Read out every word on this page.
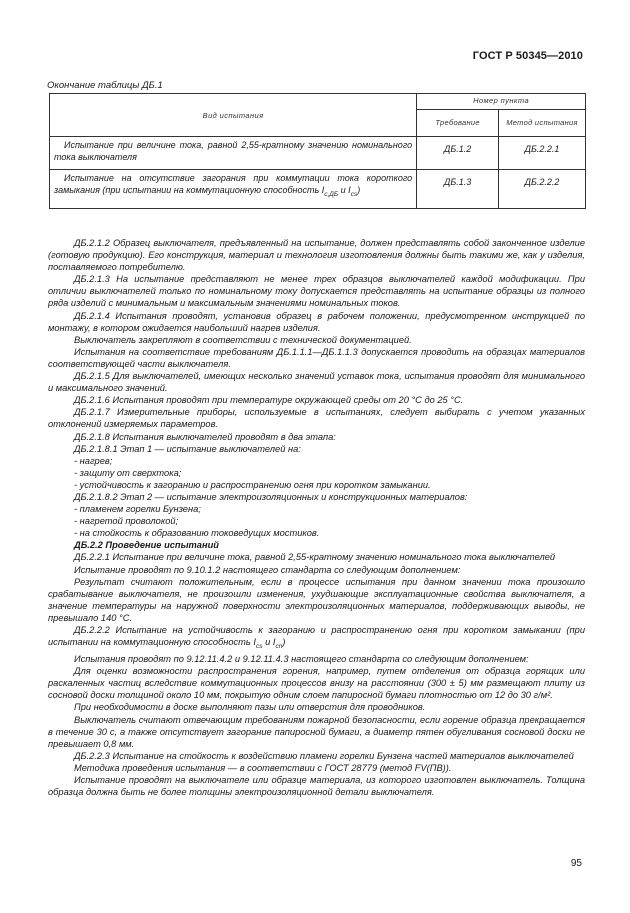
ГОСТ Р 50345—2010
Окончание таблицы ДБ.1
Вид испытания	Номер пункта	
	Требование	Метод испытания
Испытание при величине тока, равной 2,55-кратному значению номинального тока выключателя	ДБ.1.2	ДБ.2.2.1
Испытание на отсутствие загорания при коммутации тока короткого замыкания (при испытании на коммутационную способность $I_{c,ДБ}$ и $I_{cs}$)	ДБ.1.3	ДБ.2.2.2

ДБ.2.1.2 Образец выключателя, предъявленный на испытание, должен представлять собой законченное изделие (готовую продукцию). Его конструкция, материал и технология изготовления должны быть такими же, как у изделия, поставляемого потребителю.

ДБ.2.1.3 На испытание представляют не менее трех образцов выключателей каждой модификации. При отличии выключателей только по номинальному току допускается представлять на испытание образцы из полного ряда изделий с минимальным и максимальным значениями номинальных токов.

ДБ.2.1.4 Испытания проводят, установив образец в рабочем положении, предусмотренном инструкцией по монтажу, в котором ожидается наибольший нагрев изделия.

Выключатель закрепляют в соответствии с технической документацией.

Испытания на соответствие требованиям ДБ.1.1.1—ДБ.1.1.3 допускается проводить на образцах материалов соответствующей части выключателя.

ДБ.2.1.5 Для выключателей, имеющих несколько значений уставок тока, испытания проводят для минимального и максимального значений.

ДБ.2.1.6 Испытания проводят при температуре окружающей среды от 20 °С до 25 °С.

ДБ.2.1.7 Измерительные приборы, используемые в испытаниях, следует выбирать с учетом указанных отклонений измеряемых параметров.

ДБ.2.1.8 Испытания выключателей проводят в два этапа:

ДБ.2.1.8.1 Этап 1 — испытание выключателей на:

- нагрев;

- защиту от сверхтока;

- устойчивость к загоранию и распространению огня при коротком замыкании.

ДБ.2.1.8.2 Этап 2 — испытание электроизоляционных и конструкционных материалов:

- пламенем горелки Бунзена;

- нагретой проволокой;

- на стойкость к образованию токоведущих мостиков.

ДБ.2.2 Проведение испытаний

ДБ.2.2.1 Испытание при величине тока, равной 2,55-кратному значению номинального тока выключателей

Испытание проводят по 9.10.1.2 настоящего стандарта со следующим дополнением:

Результат считают положительным, если в процессе испытания при данном значении тока произошло срабатывание выключателя, не произошли изменения, ухудшающие эксплуатационные свойства выключателя, а значение температуры на наружной поверхности электроизоляционных материалов, поддерживающих выводы, не превышало 140 °С.

ДБ.2.2.2 Испытание на устойчивость к загоранию и распространению огня при коротком замыкании (при испытании на коммутационную способность $I_{cs}$ и $I_{cn}$)

Испытания проводят по 9.12.11.4.2 и 9.12.11.4.3 настоящего стандарта со следующим дополнением:

Для оценки возможности распространения горения, например, путем отделения от образца горящих или раскаленных частиц вследствие коммутационных процессов внизу на расстоянии (300 ± 5) мм размещают плиту из сосновой доски толщиной около 10 мм, покрытую одним слоем папиросной бумаги плотностью от 12 до 30 г/м².

При необходимости в доске выполняют пазы или отверстия для проводников.

Выключатель считают отвечающим требованиям пожарной безопасности, если горение образца прекращается в течение 30 с, а также отсутствует загорание папиросной бумаги, а диаметр пятен обугливания сосновой доски не превышает 0,8 мм.

ДБ.2.2.3 Испытание на стойкость к воздействию пламени горелки Бунзена частей материалов выключателей

Методика проведения испытания — в соответствии с ГОСТ 28779 (метод FV(ПВ)).

Испытание проводят на выключателе или образце материала, из которого изготовлен выключатель. Толщина образца должна быть не более толщины электроизоляционной детали выключателя.

95
